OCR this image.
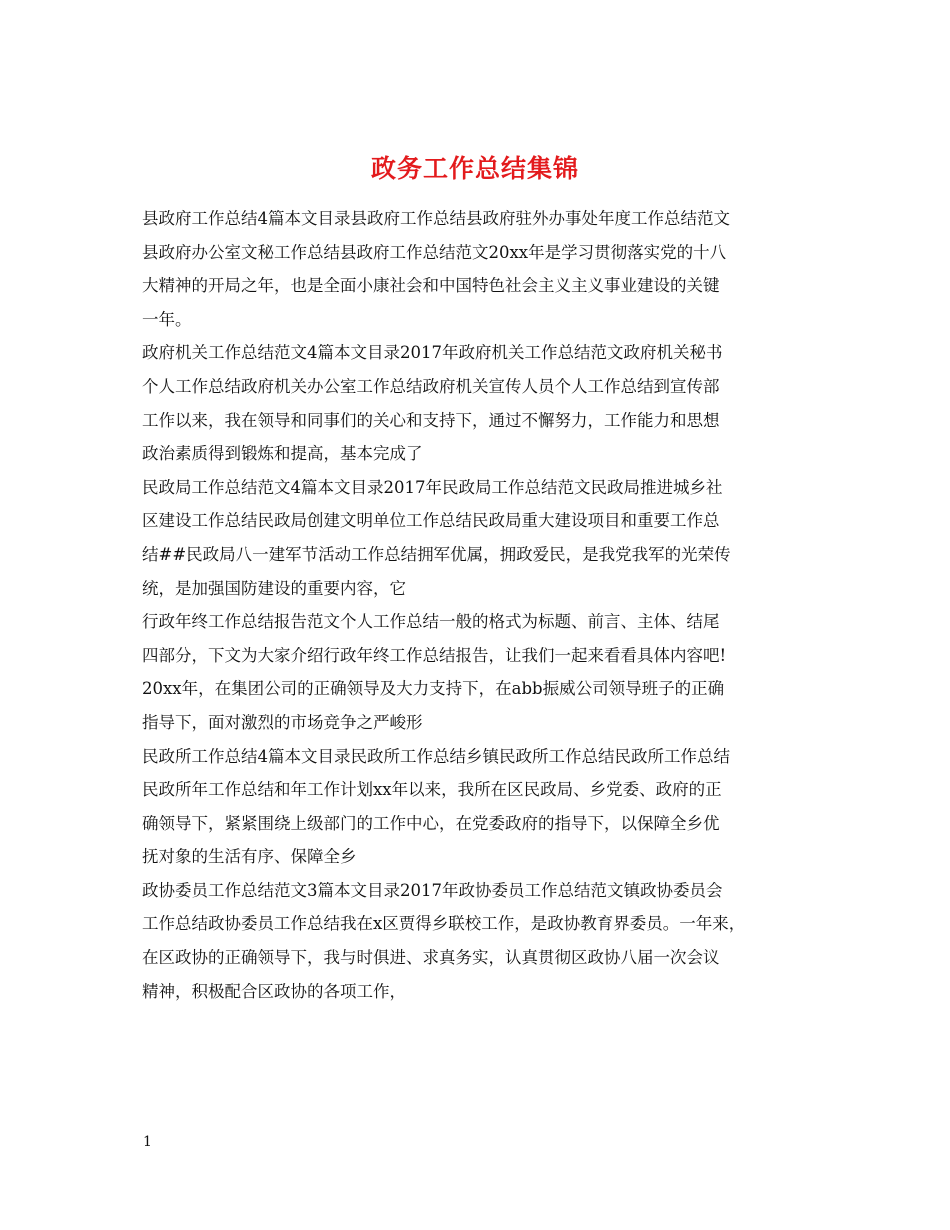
政务工作总结集锦
县政府工作总结4篇本文目录县政府工作总结县政府驻外办事处年度工作总结范文
县政府办公室文秘工作总结县政府工作总结范文20xx年是学习贯彻落实党的十八
大精神的开局之年，也是全面小康社会和中国特色社会主义主义事业建设的关键
一年。
政府机关工作总结范文4篇本文目录2017年政府机关工作总结范文政府机关秘书
个人工作总结政府机关办公室工作总结政府机关宣传人员个人工作总结到宣传部
工作以来，我在领导和同事们的关心和支持下，通过不懈努力，工作能力和思想
政治素质得到锻炼和提高，基本完成了
民政局工作总结范文4篇本文目录2017年民政局工作总结范文民政局推进城乡社
区建设工作总结民政局创建文明单位工作总结民政局重大建设项目和重要工作总
结##民政局八一建军节活动工作总结拥军优属，拥政爱民，是我党我军的光荣传
统，是加强国防建设的重要内容，它
行政年终工作总结报告范文个人工作总结一般的格式为标题、前言、主体、结尾
四部分，下文为大家介绍行政年终工作总结报告，让我们一起来看看具体内容吧!
20xx年，在集团公司的正确领导及大力支持下，在abb振威公司领导班子的正确
指导下，面对激烈的市场竞争之严峻形
民政所工作总结4篇本文目录民政所工作总结乡镇民政所工作总结民政所工作总结
民政所年工作总结和年工作计划xx年以来，我所在区民政局、乡党委、政府的正
确领导下，紧紧围绕上级部门的工作中心，在党委政府的指导下，以保障全乡优
抚对象的生活有序、保障全乡
政协委员工作总结范文3篇本文目录2017年政协委员工作总结范文镇政协委员会
工作总结政协委员工作总结我在x区贾得乡联校工作，是政协教育界委员。一年来，
在区政协的正确领导下，我与时俱进、求真务实，认真贯彻区政协八届一次会议
精神，积极配合区政协的各项工作，
1
